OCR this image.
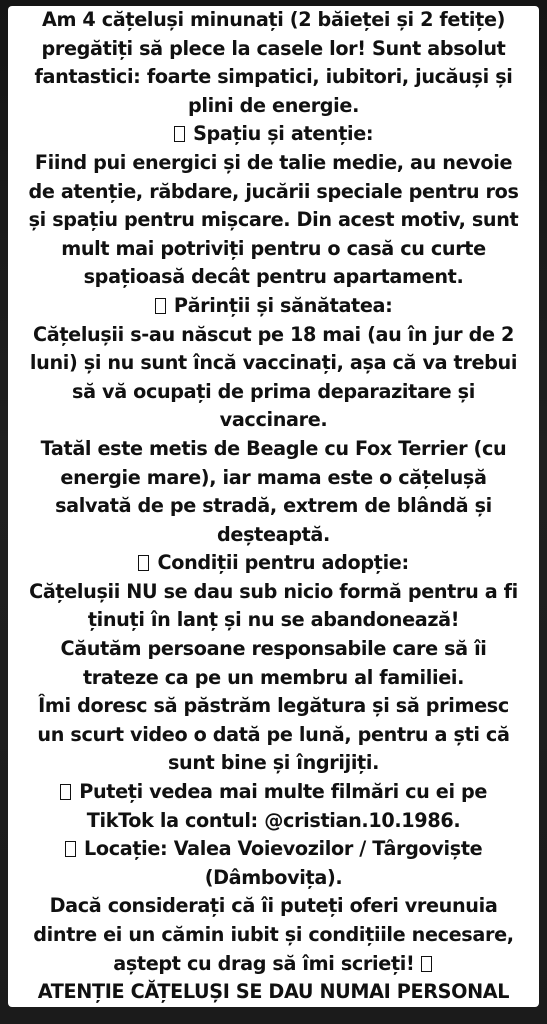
Am 4 cățeluși minunați (2 băieței și 2 fetițe)
pregătiți să plece la casele lor! Sunt absolut
fantastici: foarte simpatici, iubitori, jucăuși și
plini de energie.
Spațiu și atenție:
Fiind pui energici și de talie medie, au nevoie
de atenție, răbdare, jucării speciale pentru ros
și spațiu pentru mișcare. Din acest motiv, sunt
mult mai potriviți pentru o casă cu curte
spațioasă decât pentru apartament.
Părinții și sănătatea:
Cățelușii s-au născut pe 18 mai (au în jur de 2
luni) și nu sunt încă vaccinați, așa că va trebui
să vă ocupați de prima deparazitare și
vaccinare.
Tatăl este metis de Beagle cu Fox Terrier (cu
energie mare), iar mama este o cățelușă
salvată de pe stradă, extrem de blândă și
deșteaptă.
Condiții pentru adopție:
Cățelușii NU se dau sub nicio formă pentru a fi
ținuți în lanț și nu se abandonează!
Căutăm persoane responsabile care să îi
trateze ca pe un membru al familiei.
Îmi doresc să păstrăm legătura și să primesc
un scurt video o dată pe lună, pentru a ști că
sunt bine și îngrijiți.
Puteți vedea mai multe filmări cu ei pe
TikTok la contul: @cristian.10.1986.
Locație: Valea Voievozilor / Târgoviște
(Dâmbovița).
Dacă considerați că îi puteți oferi vreunuia
dintre ei un cămin iubit și condițiile necesare,
aștept cu drag să îmi scrieți!
ATENȚIE CĂȚELUȘI SE DAU NUMAI PERSONAL
